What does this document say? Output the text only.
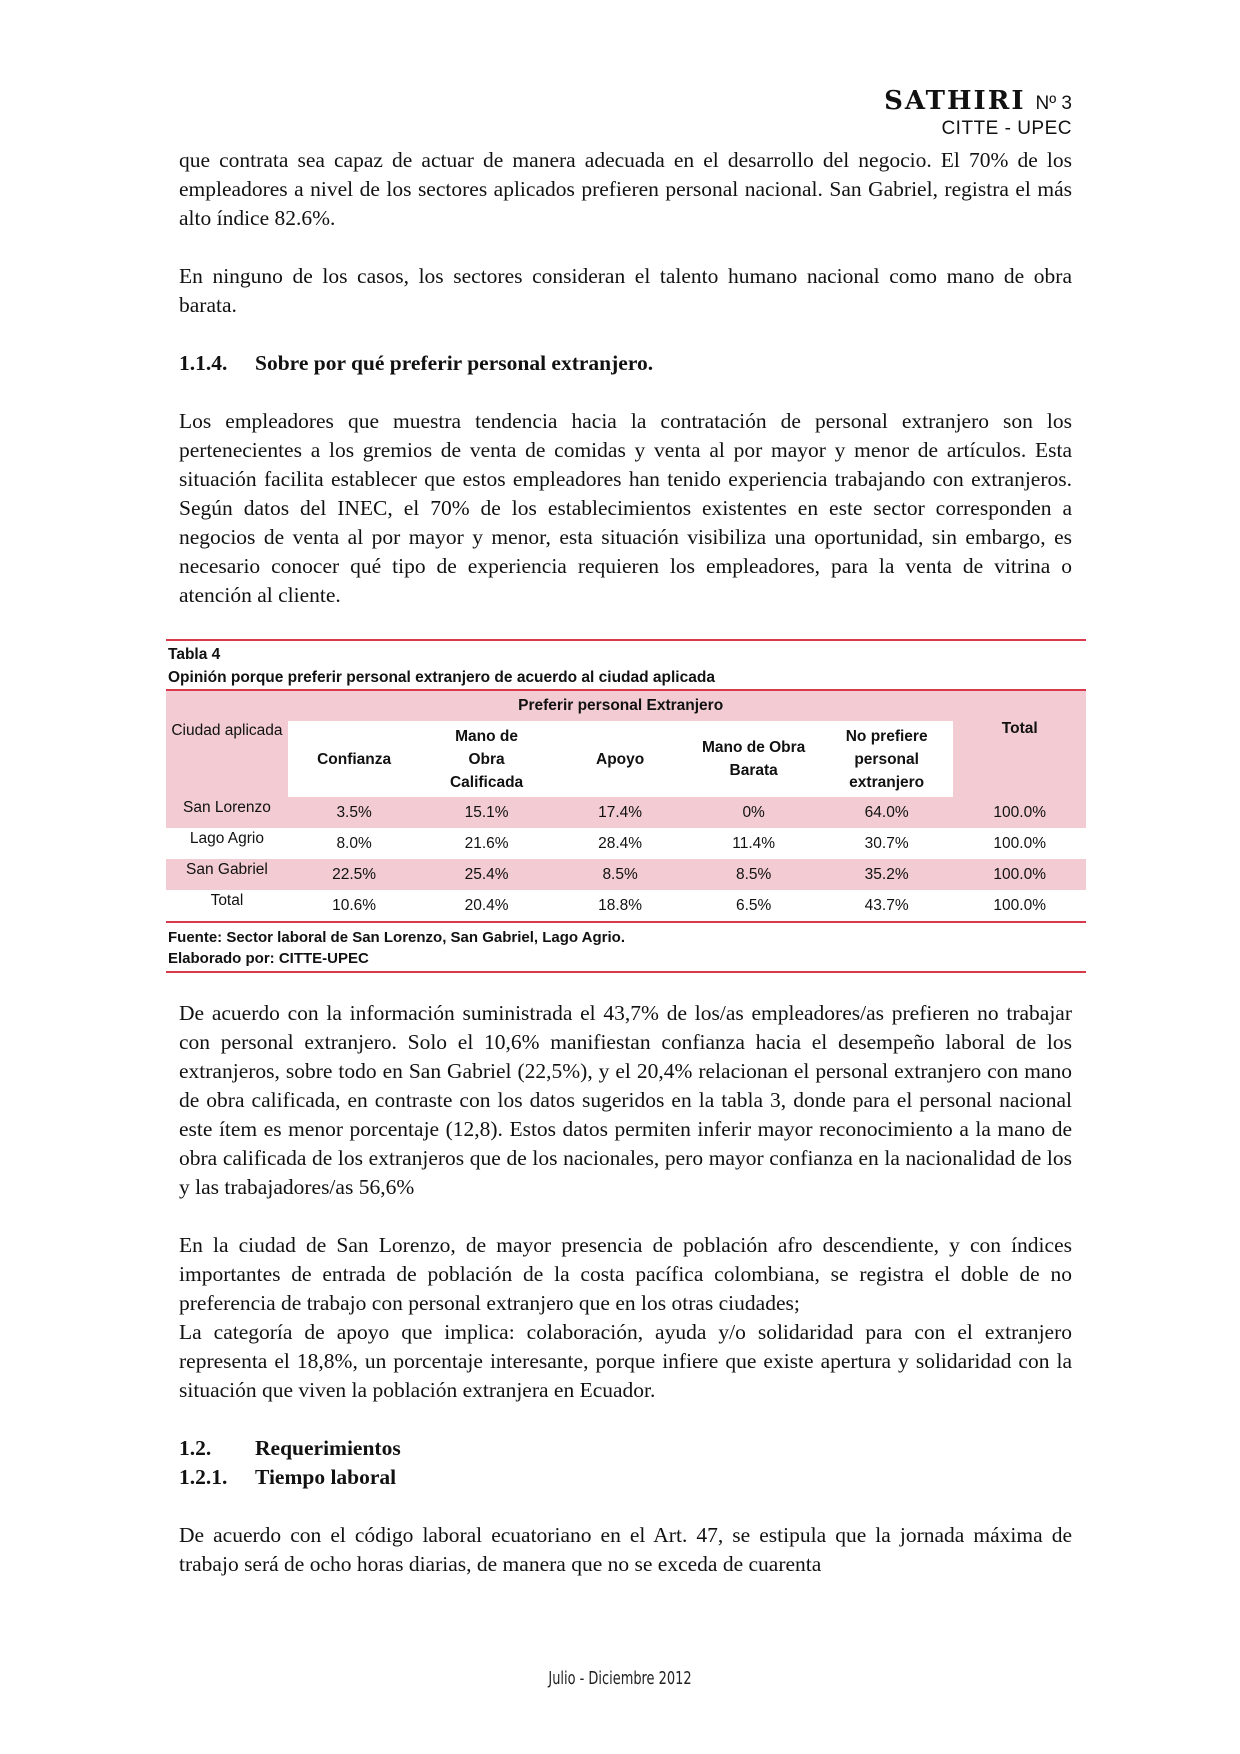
SATHIRI Nº 3
CITTE - UPEC

que contrata sea capaz de actuar de manera adecuada en el desarrollo del negocio. El 70% de los empleadores a nivel de los sectores aplicados prefieren personal nacional. San Gabriel, registra el más alto índice 82.6%.

En ninguno de los casos, los sectores consideran el talento humano nacional como mano de obra barata.

1.1.4. Sobre por qué preferir personal extranjero.

Los empleadores que muestra tendencia hacia la contratación de personal extranjero son los pertenecientes a los gremios de venta de comidas y venta al por mayor y menor de artículos. Esta situación facilita establecer que estos empleadores han tenido experiencia trabajando con extranjeros. Según datos del INEC, el 70% de los establecimientos existentes en este sector corresponden a negocios de venta al por mayor y menor, esta situación visibiliza una oportunidad, sin embargo, es necesario conocer qué tipo de experiencia requieren los empleadores, para la venta de vitrina o atención al cliente.

Tabla 4
Opinión porque preferir personal extranjero de acuerdo al ciudad aplicada
Ciudad aplicada	Preferir personal Extranjero					Total
	Confianza	Mano de Obra Calificada	Apoyo	Mano de Obra Barata	No prefiere personal extranjero	
San Lorenzo	3.5%	15.1%	17.4%	0%	64.0%	100.0%
Lago Agrio	8.0%	21.6%	28.4%	11.4%	30.7%	100.0%
San Gabriel	22.5%	25.4%	8.5%	8.5%	35.2%	100.0%
Total	10.6%	20.4%	18.8%	6.5%	43.7%	100.0%
Fuente: Sector laboral de San Lorenzo, San Gabriel, Lago Agrio.
Elaborado por: CITTE-UPEC

De acuerdo con la información suministrada el 43,7% de los/as empleadores/as prefieren no trabajar con personal extranjero. Solo el 10,6% manifiestan confianza hacia el desempeño laboral de los extranjeros, sobre todo en San Gabriel (22,5%), y el 20,4% relacionan el personal extranjero con mano de obra calificada, en contraste con los datos sugeridos en la tabla 3, donde para el personal nacional este ítem es menor porcentaje (12,8). Estos datos permiten inferir mayor reconocimiento a la mano de obra calificada de los extranjeros que de los nacionales, pero mayor confianza en la nacionalidad de los y las trabajadores/as 56,6%

En la ciudad de San Lorenzo, de mayor presencia de población afro descendiente, y con índices importantes de entrada de población de la costa pacífica colombiana, se registra el doble de no preferencia de trabajo con personal extranjero que en los otras ciudades;

La categoría de apoyo que implica: colaboración, ayuda y/o solidaridad para con el extranjero representa el 18,8%, un porcentaje interesante, porque infiere que existe apertura y solidaridad con la situación que viven la población extranjera en Ecuador.

1.2. Requerimientos
1.2.1. Tiempo laboral

De acuerdo con el código laboral ecuatoriano en el Art. 47, se estipula que la jornada máxima de trabajo será de ocho horas diarias, de manera que no se exceda de cuarenta

Julio - Diciembre 2012
